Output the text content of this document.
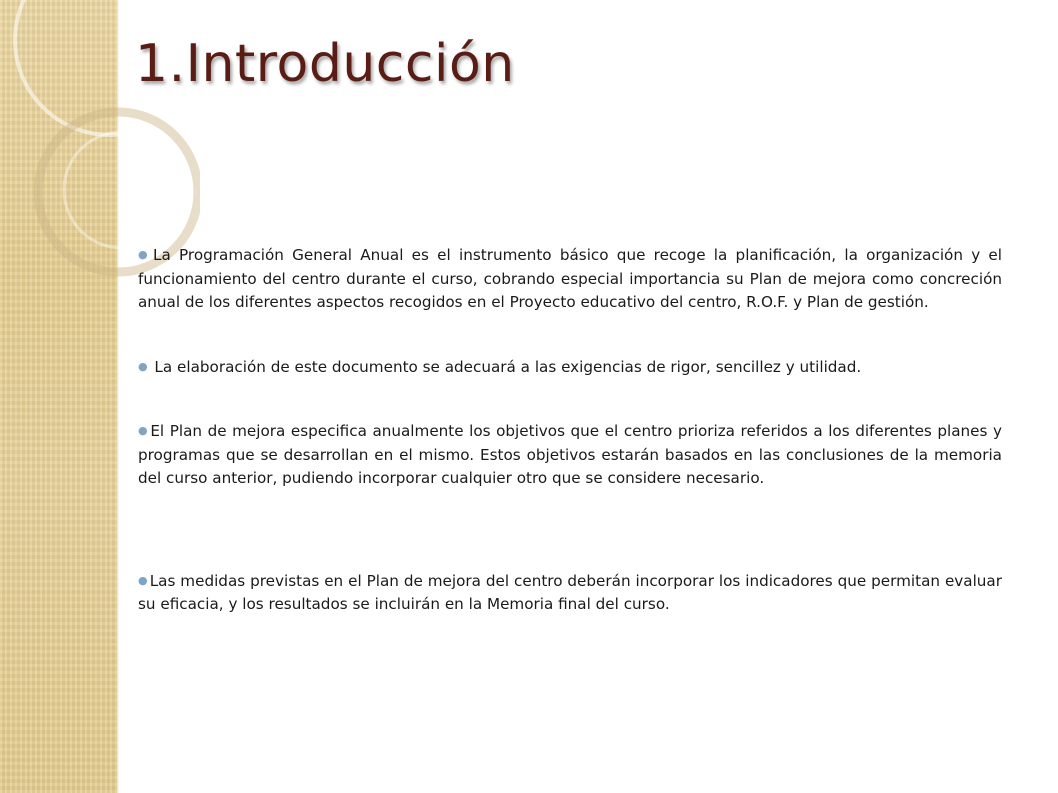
1.Introducción

● La Programación General Anual es el instrumento básico que recoge la planificación, la organización y el funcionamiento del centro durante el curso, cobrando especial importancia su Plan de mejora como concreción anual de los diferentes aspectos recogidos en el Proyecto educativo del centro, R.O.F. y Plan de gestión.

● La elaboración de este documento se adecuará a las exigencias de rigor, sencillez y utilidad.

● El Plan de mejora especifica anualmente los objetivos que el centro prioriza referidos a los diferentes planes y programas que se desarrollan en el mismo. Estos objetivos estarán basados en las conclusiones de la memoria del curso anterior, pudiendo incorporar cualquier otro que se considere necesario.

● Las medidas previstas en el Plan de mejora del centro deberán incorporar los indicadores que permitan evaluar su eficacia, y los resultados se incluirán en la Memoria final del curso.
